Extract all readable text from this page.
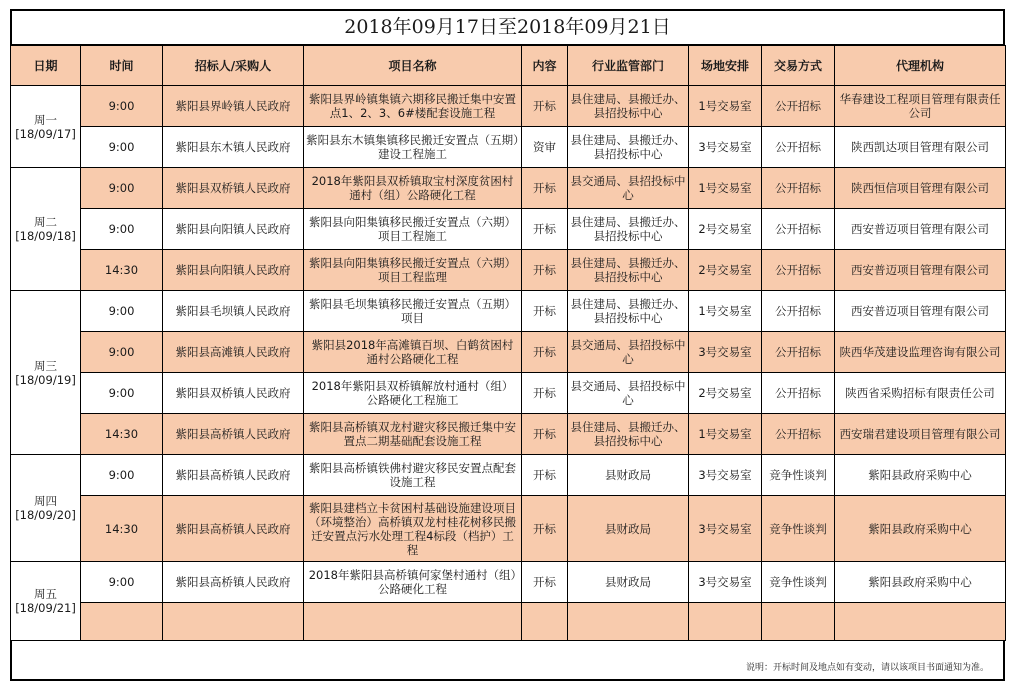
2018年09月17日至2018年09月21日
日期	时间	招标人/采购人	项目名称	内容	行业监管部门	场地安排	交易方式	代理机构

周一
[18/09/17]	9:00	紫阳县界岭镇人民政府	紫阳县界岭镇集镇六期移民搬迁集中安置点1、2、3、6#楼配套设施工程	开标	县住建局、县搬迁办、县招投标中心	1号交易室	公开招标	华春建设工程项目管理有限责任公司
	9:00	紫阳县东木镇人民政府	紫阳县东木镇集镇移民搬迁安置点（五期）建设工程施工	资审	县住建局、县搬迁办、县招投标中心	3号交易室	公开招标	陕西凯达项目管理有限公司

周二
[18/09/18]	9:00	紫阳县双桥镇人民政府	2018年紫阳县双桥镇取宝村深度贫困村通村（组）公路硬化工程	开标	县交通局、县招投标中心	1号交易室	公开招标	陕西恒信项目管理有限公司
	9:00	紫阳县向阳镇人民政府	紫阳县向阳集镇移民搬迁安置点（六期）项目工程施工	开标	县住建局、县搬迁办、县招投标中心	2号交易室	公开招标	西安普迈项目管理有限公司
	14:30	紫阳县向阳镇人民政府	紫阳县向阳集镇移民搬迁安置点（六期）项目工程监理	开标	县住建局、县搬迁办、县招投标中心	2号交易室	公开招标	西安普迈项目管理有限公司

周三
[18/09/19]	9:00	紫阳县毛坝镇人民政府	紫阳县毛坝集镇移民搬迁安置点（五期）项目	开标	县住建局、县搬迁办、县招投标中心	1号交易室	公开招标	西安普迈项目管理有限公司
	9:00	紫阳县高滩镇人民政府	紫阳县2018年高滩镇百坝、白鹤贫困村通村公路硬化工程	开标	县交通局、县招投标中心	3号交易室	公开招标	陕西华茂建设监理咨询有限公司
	9:00	紫阳县双桥镇人民政府	2018年紫阳县双桥镇解放村通村（组）公路硬化工程施工	开标	县交通局、县招投标中心	2号交易室	公开招标	陕西省采购招标有限责任公司
	14:30	紫阳县高桥镇人民政府	紫阳县高桥镇双龙村避灾移民搬迁集中安置点二期基础配套设施工程	开标	县住建局、县搬迁办、县招投标中心	1号交易室	公开招标	西安瑞君建设项目管理有限公司

周四
[18/09/20]	9:00	紫阳县高桥镇人民政府	紫阳县高桥镇铁佛村避灾移民安置点配套设施工程	开标	县财政局	3号交易室	竞争性谈判	紫阳县政府采购中心
	14:30	紫阳县高桥镇人民政府	紫阳县建档立卡贫困村基础设施建设项目（环境整治）高桥镇双龙村桂花树移民搬迁安置点污水处理工程4标段（档护）工程	开标	县财政局	3号交易室	竞争性谈判	紫阳县政府采购中心

周五
[18/09/21]	9:00	紫阳县高桥镇人民政府	2018年紫阳县高桥镇何家堡村通村（组）公路硬化工程	开标	县财政局	3号交易室	竞争性谈判	紫阳县政府采购中心

说明：开标时间及地点如有变动，请以该项目书面通知为准。
